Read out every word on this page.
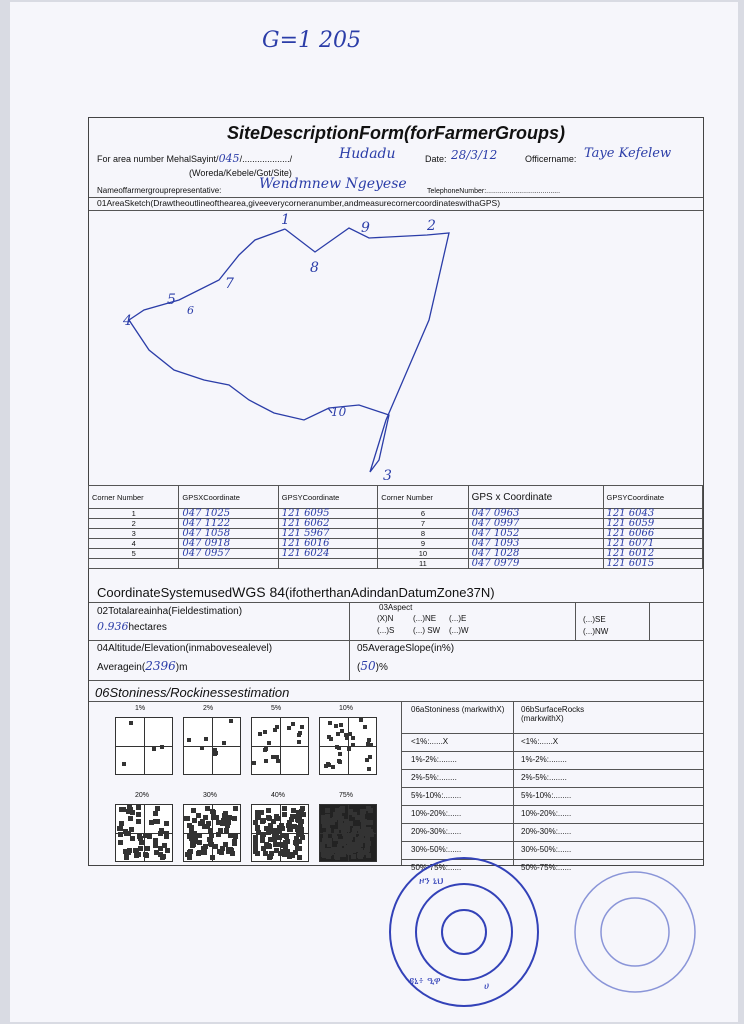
G=1 205
SiteDescriptionForm(forFarmerGroups)
For area number MehalSayint/045/.................../	Hudadu	Date: 28/3/12	Officername: Taye Kefelew
(Woreda/Kebele/Got/Site)
Nameoffarmergrouprepresentative:	Wendmnew Ngeyese	TelephoneNumber:......................................
01AreaSketch(Drawtheoutlineofthearea,giveeverycorneranumber,andmeasurecornercoordinateswithaGPS)
1	2
3
4
5
6
7
8
9
10
Corner Number	GPSXCoordinate	GPSYCoordinate	Corner Number	GPS x Coordinate	GPSYCoordinate
1	047 1025	121 6095	6	047 0963	121 6043
2	047 1122	121 6062	7	047 0997	121 6059
3	047 1058	121 5967	8	047 1052	121 6066
4	047 0918	121 6016	9	047 1093	121 6071
5	047 0957	121 6024	10	047 1028	121 6012
			11	047 0979	121 6015
CoordinateSystemusedWGS 84(ifotherthanAdindanDatumZone37N)
02Totalareainha(Fieldestimation)
0.936hectares
03Aspect
(X)N (...)NE (...)E
(...)S (...) SW (...)W
(...)SE
(...)NW
04Altitude/Elevation(inmabovesealevel)
Averagein(2396)m
05AverageSlope(in%)
(50)%
06Stoniness/Rockinessestimation
1%	2%	5%	10%
20%	30%	40%	75%
06aStoniness (markwithX)	06bSurfaceRocks (markwithX)
<1%:......X	<1%:......X
1%-2%:........	1%-2%:........
2%-5%:........	2%-5%:........
5%-10%:........	5%-10%:........
10%-20%:......	10%-20%:......
20%-30%:......	20%-30%:......
30%-50%:......	30%-50%:......
50%-75%:......	50%-75%:......
ዞን ኒህ
ዳኒ፥ ዒዋ	ሀ
